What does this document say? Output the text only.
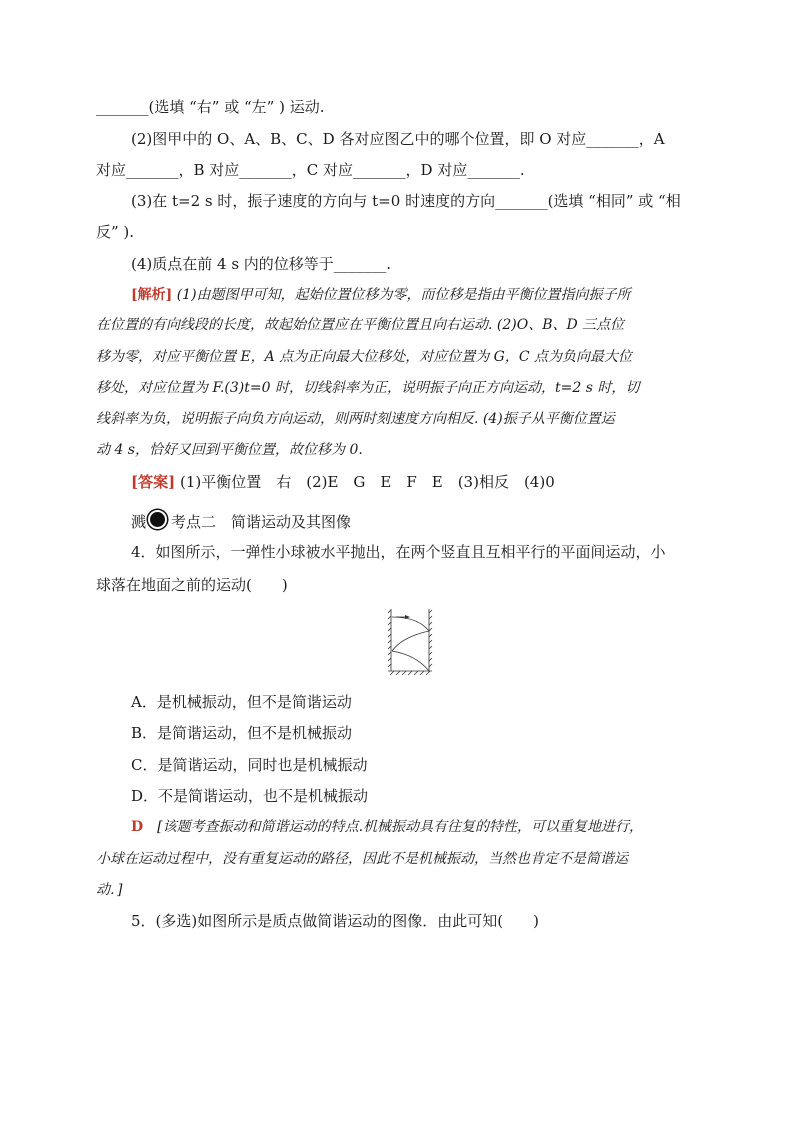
_______(选填 “右” 或 “左” ) 运动.
(2)图甲中的 O、A、B、C、D 各对应图乙中的哪个位置，即 O 对应_______，A
对应_______，B 对应_______，C 对应_______，D 对应_______.
(3)在 t=2 s 时，振子速度的方向与 t=0 时速度的方向_______(选填 “相同” 或 “相
反” ).
(4)质点在前 4 s 内的位移等于_______.
[解析] (1)由题图甲可知，起始位置位移为零，而位移是指由平衡位置指向振子所
在位置的有向线段的长度，故起始位置应在平衡位置且向右运动. (2)O、B、D 三点位
移为零，对应平衡位置 E，A 点为正向最大位移处，对应位置为 G，C 点为负向最大位
移处，对应位置为 F.(3)t=0 时，切线斜率为正，说明振子向正方向运动，t=2 s 时，切
线斜率为负，说明振子向负方向运动，则两时刻速度方向相反. (4)振子从平衡位置运
动 4 s，恰好又回到平衡位置，故位移为 0.
[答案] (1)平衡位置　右　(2)E　G　E　F　E　(3)相反　(4)0
溅 考点二　简谐运动及其图像
4．如图所示，一弹性小球被水平抛出，在两个竖直且互相平行的平面间运动，小
球落在地面之前的运动(　　)
A．是机械振动，但不是简谐运动
B．是简谐运动，但不是机械振动
C．是简谐运动，同时也是机械振动
D．不是简谐运动，也不是机械振动
D　[该题考查振动和简谐运动的特点.机械振动具有往复的特性，可以重复地进行，
小球在运动过程中，没有重复运动的路径，因此不是机械振动，当然也肯定不是简谐运
动．]
5．(多选)如图所示是质点做简谐运动的图像．由此可知(　　)
